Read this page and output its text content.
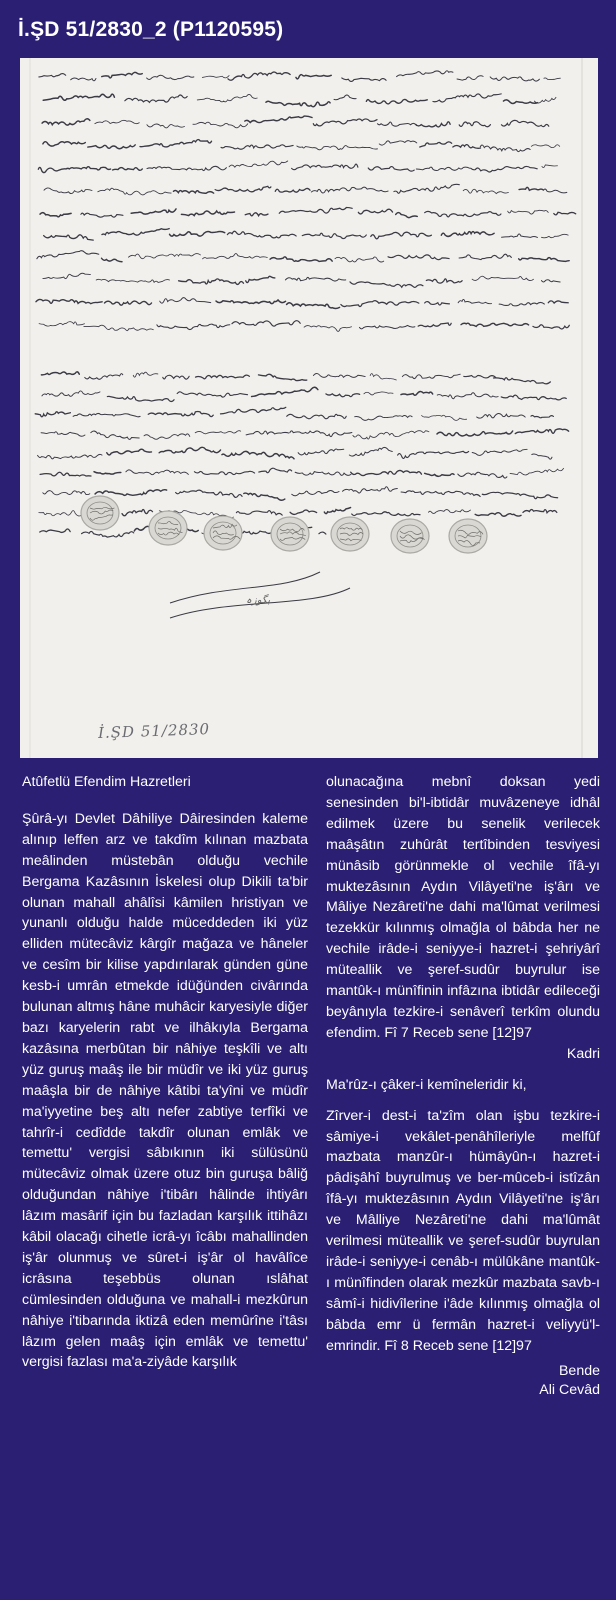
İ.ŞD 51/2830_2 (P1120595)
بگوزہ
İ.ŞD 51/2830
Atûfetlü Efendim Hazretleri

Şûrâ-yı Devlet Dâhiliye Dâiresinden kaleme alınıp leffen arz ve takdîm kılınan mazbata meâlinden müstebân olduğu vechile Bergama Kazâsının İskelesi olup Dikili ta'bir olunan mahall ahâlîsi kâmilen hristiyan ve yunanlı olduğu halde müceddeden iki yüz elliden mütecâviz kârgîr mağaza ve hâneler ve cesîm bir kilise yapdırılarak günden güne kesb-i umrân etmekde idüğünden civârında bulunan altmış hâne muhâcir karyesiyle diğer bazı karyelerin rabt ve ilhâkıyla Bergama kazâsına merbûtan bir nâhiye teşkîli ve altı yüz guruş maâş ile bir müdîr ve iki yüz guruş maâşla bir de nâhiye kâtibi ta'yîni ve müdîr ma'iyyetine beş altı nefer zabtiye terfîki ve tahrîr-i cedîdde takdîr olunan emlâk ve temettu' vergisi sâbıkının iki sülüsünü mütecâviz olmak üzere otuz bin guruşa bâliğ olduğundan nâhiye i'tibârı hâlinde ihtiyârı lâzım masârif için bu fazladan karşılık ittihâzı kâbil olacağı cihetle icrâ-yı îcâbı mahallinden iş'âr olunmuş ve sûret-i iş'âr ol havâlîce icrâsına teşebbüs olunan ıslâhat cümlesinden olduğuna ve mahall-i mezkûrun nâhiye i'tibarında iktizâ eden memûrîne i'tâsı lâzım gelen maâş için emlâk ve temettu' vergisi fazlası ma'a-ziyâde karşılık

olunacağına mebnî doksan yedi senesinden bi'l-ibtidâr muvâzeneye idhâl edilmek üzere bu senelik verilecek maâşâtın zuhûrât tertîbinden tesviyesi münâsib görünmekle ol vechile îfâ-yı muktezâsının Aydın Vilâyeti'ne iş'ârı ve Mâliye Nezâreti'ne dahi ma'lûmat verilmesi tezekkür kılınmış olmağla ol bâbda her ne vechile irâde-i seniyye-i hazret-i şehriyârî müteallik ve şeref-sudûr buyrulur ise mantûk-ı münîfinin infâzına ibtidâr edileceği beyânıyla tezkire-i senâverî terkîm olundu efendim. Fî 7 Receb sene [12]97

Kadri
Ma'rûz-ı çâker-i kemîneleridir ki,

Zîrver-i dest-i ta'zîm olan işbu tezkire-i sâmiye-i vekâlet-penâhîleriyle melfûf mazbata manzûr-ı hümâyûn-ı hazret-i pâdişâhî buyrulmuş ve ber-mûceb-i istîzân îfâ-yı muktezâsının Aydın Vilâyeti'ne iş'ârı ve Mâlliye Nezâreti'ne dahi ma'lûmât verilmesi müteallik ve şeref-sudûr buyrulan irâde-i seniyye-i cenâb-ı mülûkâne mantûk-ı münîfinden olarak mezkûr mazbata savb-ı sâmî-i hidivîlerine i'âde kılınmış olmağla ol bâbda emr ü fermân hazret-i veliyyü'l-emrindir. Fî 8 Receb sene [12]97

Bende
Ali Cevâd
